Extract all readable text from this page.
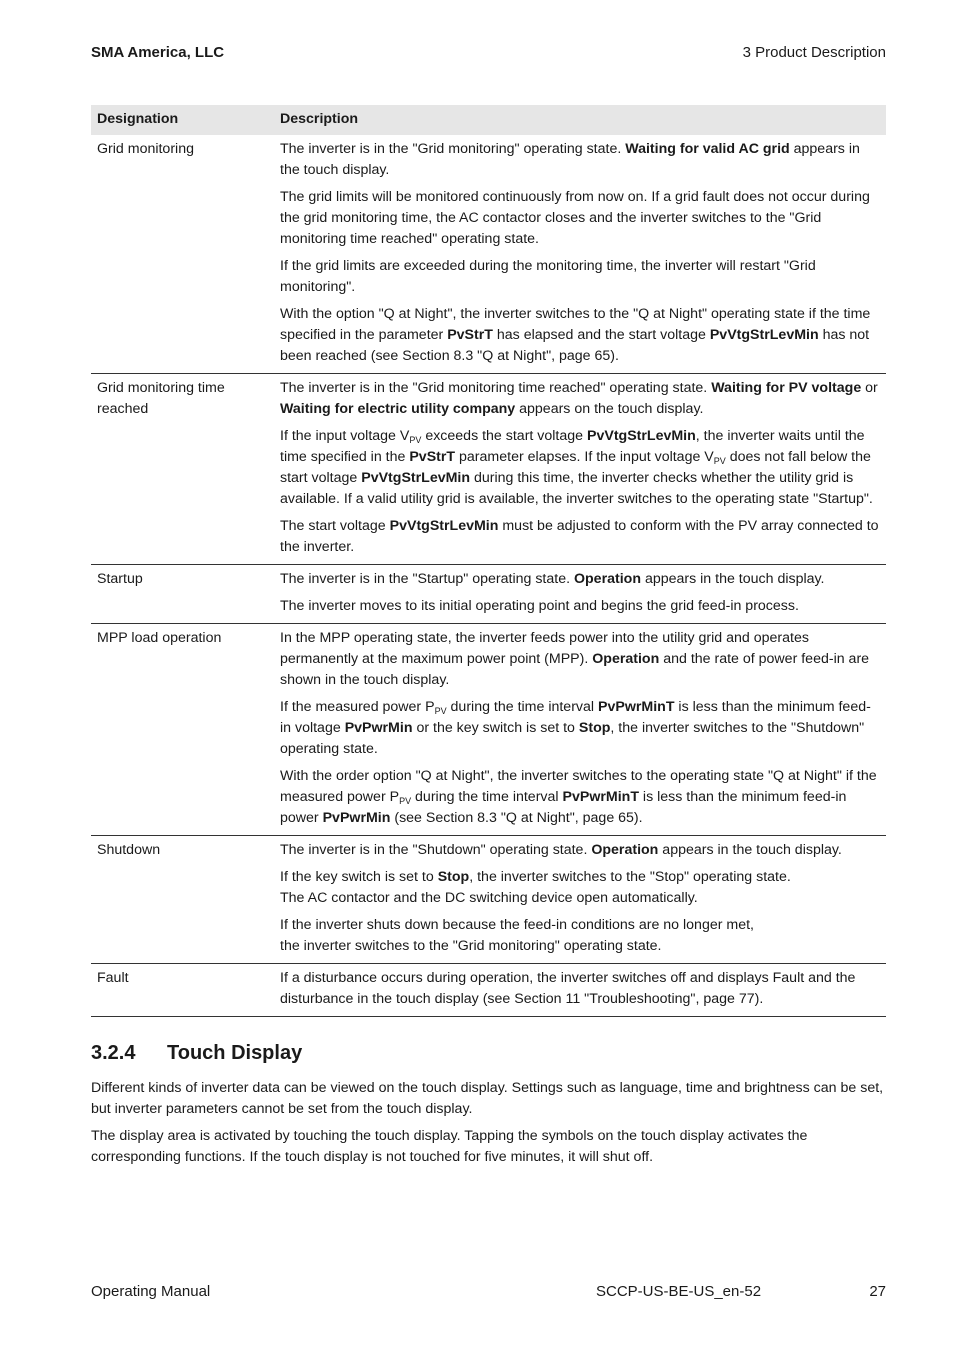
SMA America, LLC	3 Product Description
Designation	Description
Grid monitoring	The inverter is in the "Grid monitoring" operating state. Waiting for valid AC grid appears in the touch display.

The grid limits will be monitored continuously from now on. If a grid fault does not occur during the grid monitoring time, the AC contactor closes and the inverter switches to the "Grid monitoring time reached" operating state.

If the grid limits are exceeded during the monitoring time, the inverter will restart "Grid monitoring".

With the option "Q at Night", the inverter switches to the "Q at Night" operating state if the time specified in the parameter PvStrT has elapsed and the start voltage PvVtgStrLevMin has not been reached (see Section 8.3 "Q at Night", page 65).

Grid monitoring time reached	The inverter is in the "Grid monitoring time reached" operating state. Waiting for PV voltage or Waiting for electric utility company appears on the touch display.

If the input voltage $V_{PV}$ exceeds the start voltage PvVtgStrLevMin, the inverter waits until the time specified in the PvStrT parameter elapses. If the input voltage $V_{PV}$ does not fall below the start voltage PvVtgStrLevMin during this time, the inverter checks whether the utility grid is available. If a valid utility grid is available, the inverter switches to the operating state "Startup".

The start voltage PvVtgStrLevMin must be adjusted to conform with the PV array connected to the inverter.

Startup	The inverter is in the "Startup" operating state. Operation appears in the touch display.

The inverter moves to its initial operating point and begins the grid feed-in process.

MPP load operation	In the MPP operating state, the inverter feeds power into the utility grid and operates permanently at the maximum power point (MPP). Operation and the rate of power feed-in are shown in the touch display.

If the measured power $P_{PV}$ during the time interval PvPwrMinT is less than the minimum feed-in voltage PvPwrMin or the key switch is set to Stop, the inverter switches to the "Shutdown" operating state.

With the order option "Q at Night", the inverter switches to the operating state "Q at Night" if the measured power $P_{PV}$ during the time interval PvPwrMinT is less than the minimum feed-in power PvPwrMin (see Section 8.3 "Q at Night", page 65).

Shutdown	The inverter is in the "Shutdown" operating state. Operation appears in the touch display.

If the key switch is set to Stop, the inverter switches to the "Stop" operating state.
The AC contactor and the DC switching device open automatically.

If the inverter shuts down because the feed-in conditions are no longer met,
the inverter switches to the "Grid monitoring" operating state.

Fault	If a disturbance occurs during operation, the inverter switches off and displays Fault and the disturbance in the touch display (see Section 11 "Troubleshooting", page 77).

3.2.4 Touch Display

Different kinds of inverter data can be viewed on the touch display. Settings such as language, time and brightness can be set, but inverter parameters cannot be set from the touch display.

The display area is activated by touching the touch display. Tapping the symbols on the touch display activates the corresponding functions. If the touch display is not touched for five minutes, it will shut off.

Operating Manual	SCCP-US-BE-US_en-52	27
